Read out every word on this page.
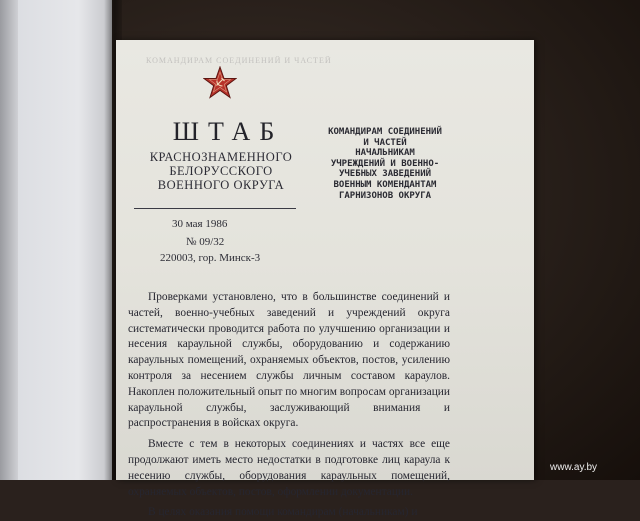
КОМАНДИРАМ СОЕДИНЕНИЙ И ЧАСТЕЙ
ШТАБ
КРАСНОЗНАМЕННОГО
БЕЛОРУССКОГО
ВОЕННОГО ОКРУГА
30 мая 1986
№ 09/32
220003, гор. Минск-3
КОМАНДИРАМ СОЕДИНЕНИЙ
И ЧАСТЕЙ
НАЧАЛЬНИКАМ
УЧРЕЖДЕНИЙ И ВОЕННО-
УЧЕБНЫХ ЗАВЕДЕНИЙ
ВОЕННЫМ КОМЕНДАНТАМ
ГАРНИЗОНОВ ОКРУГА

Проверками установлено, что в большинстве соединений и частей, военно-учебных заведений и учреждений округа систематически проводится работа по улучшению организации и несения караульной службы, оборудованию и содержанию караульных помещений, охраняемых объектов, постов, усилению контроля за несением службы личным составом караулов. Накоплен положительный опыт по многим вопросам организации караульной службы, заслуживающий внимания и распространения в войсках округа.

Вместе с тем в некоторых соединениях и частях все еще продолжают иметь место недостатки в подготовке лиц караула к несению службы, оборудования караульных помещений, охраняемых объектов, постов, оформлении документации.

В целях оказания помощи командирам (начальникам) и

www.ay.by
